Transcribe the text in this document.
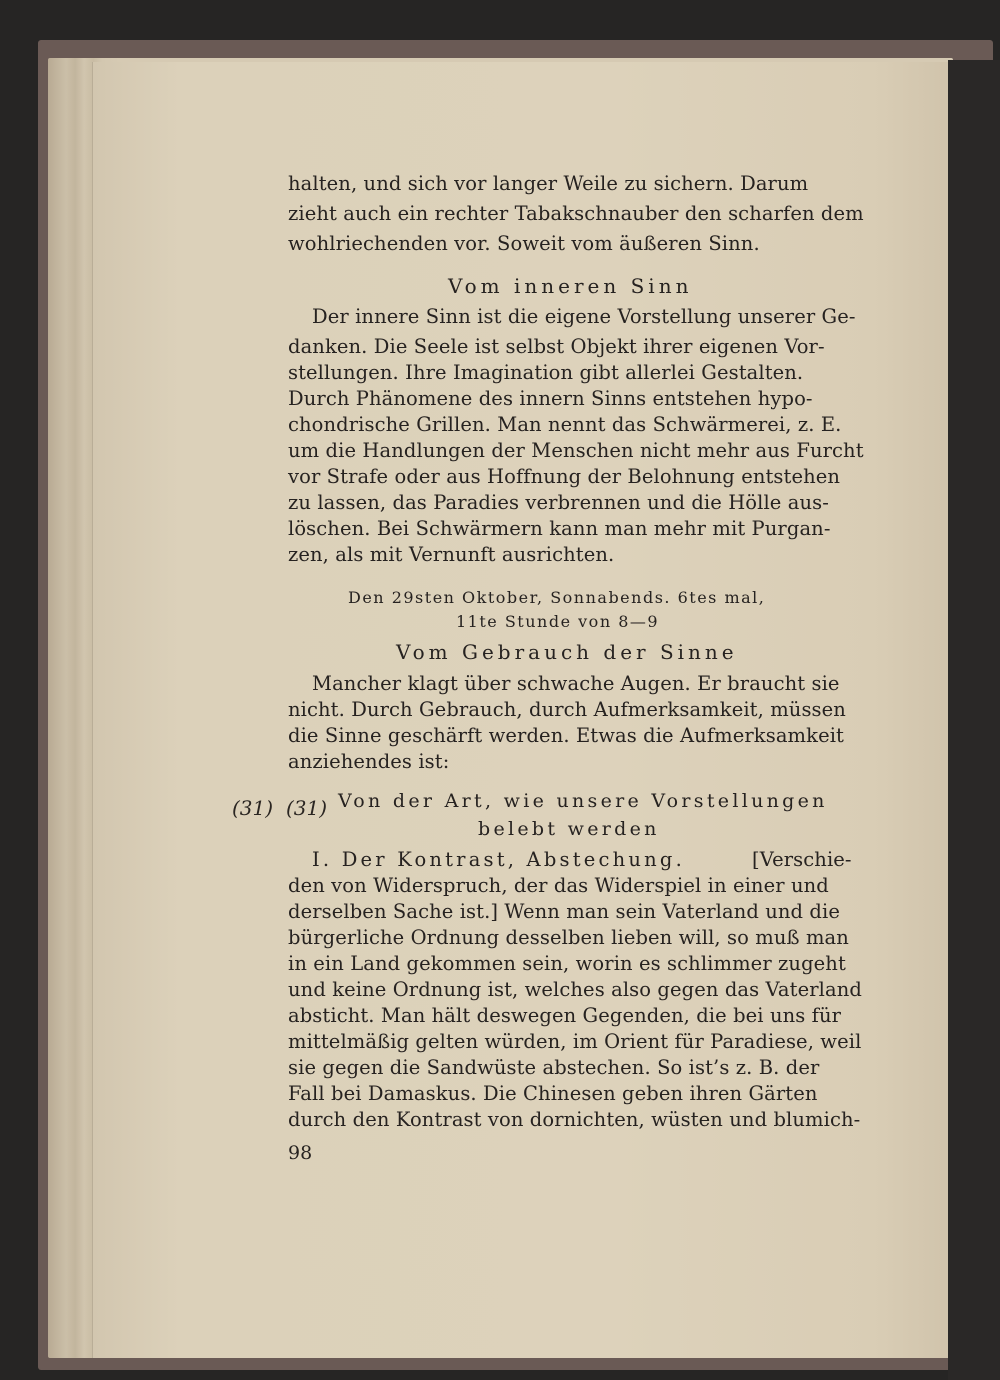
halten, und sich vor langer Weile zu sichern. Darum
zieht auch ein rechter Tabakschnauber den scharfen dem
wohlriechenden vor. Soweit vom äußeren Sinn.
Vom inneren Sinn
Der innere Sinn ist die eigene Vorstellung unserer Ge-
danken. Die Seele ist selbst Objekt ihrer eigenen Vor-
stellungen. Ihre Imagination gibt allerlei Gestalten.
Durch Phänomene des innern Sinns entstehen hypo-
chondrische Grillen. Man nennt das Schwärmerei, z. E.
um die Handlungen der Menschen nicht mehr aus Furcht
vor Strafe oder aus Hoffnung der Belohnung entstehen
zu lassen, das Paradies verbrennen und die Hölle aus-
löschen. Bei Schwärmern kann man mehr mit Purgan-
zen, als mit Vernunft ausrichten.
Den 29sten Oktober, Sonnabends. 6tes mal,
11te Stunde von 8—9
Vom Gebrauch der Sinne
Mancher klagt über schwache Augen. Er braucht sie
nicht. Durch Gebrauch, durch Aufmerksamkeit, müssen
die Sinne geschärft werden. Etwas die Aufmerksamkeit
anziehendes ist:
(31) (31) Von der Art, wie unsere Vorstellungen
belebt werden
I. Der Kontrast, Abstechung.	[Verschie-
den von Widerspruch, der das Widerspiel in einer und
derselben Sache ist.] Wenn man sein Vaterland und die
bürgerliche Ordnung desselben lieben will, so muß man
in ein Land gekommen sein, worin es schlimmer zugeht
und keine Ordnung ist, welches also gegen das Vaterland
absticht. Man hält deswegen Gegenden, die bei uns für
mittelmäßig gelten würden, im Orient für Paradiese, weil
sie gegen die Sandwüste abstechen. So ist’s z. B. der
Fall bei Damaskus. Die Chinesen geben ihren Gärten
durch den Kontrast von dornichten, wüsten und blumich-
98
